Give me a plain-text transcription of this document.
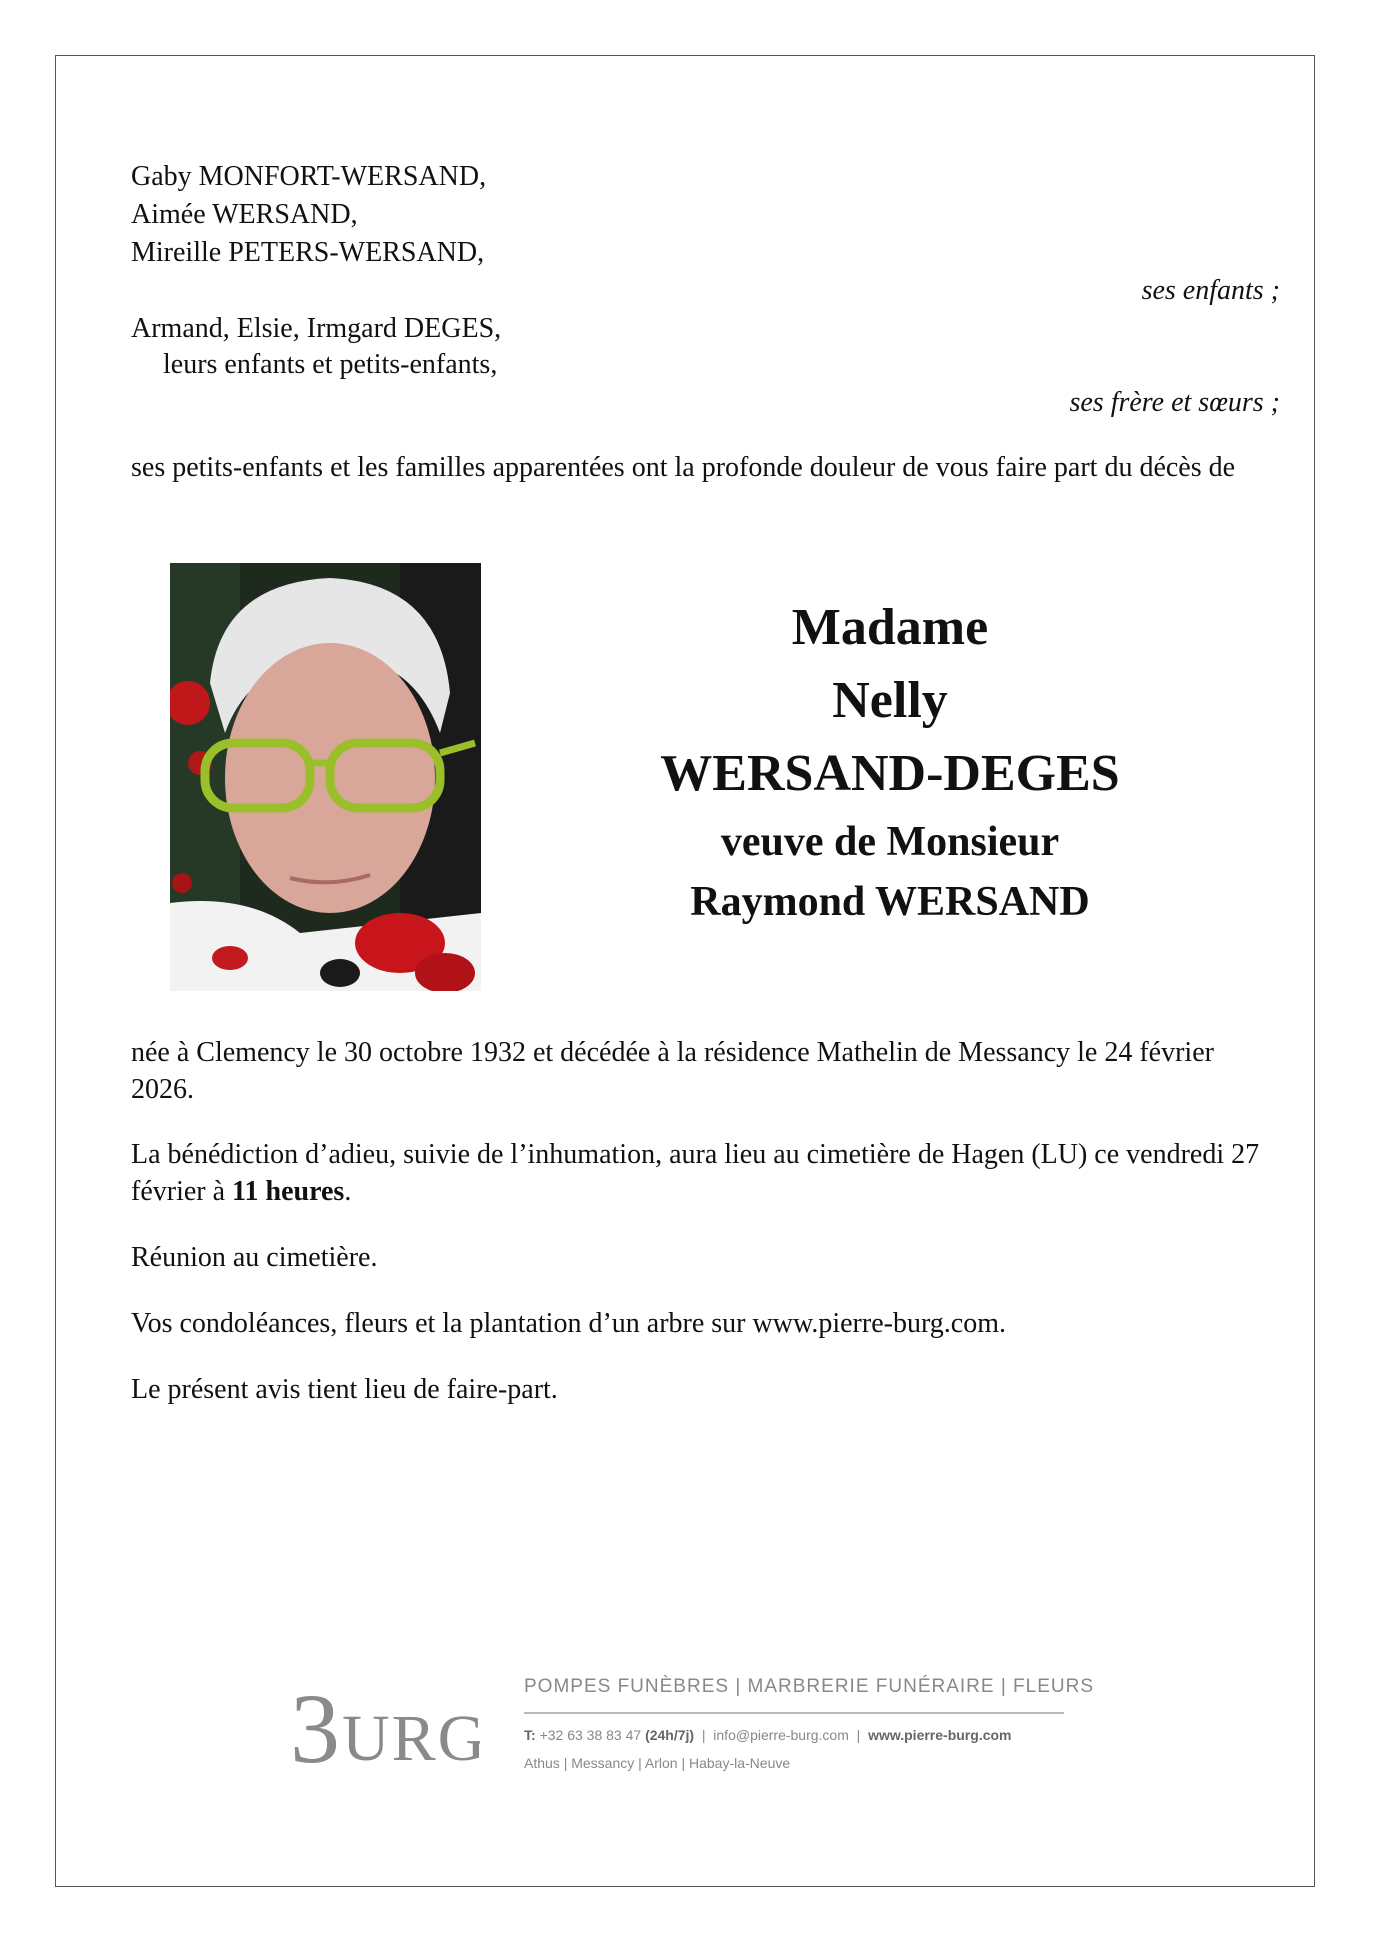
Gaby MONFORT-WERSAND,
Aimée WERSAND,
Mireille PETERS-WERSAND,
ses enfants ;
Armand, Elsie, Irmgard DEGES,
leurs enfants et petits-enfants,
ses frère et sœurs ;
ses petits-enfants et les familles apparentées ont la profonde douleur de vous faire part du décès de
Madame
Nelly
WERSAND-DEGES
veuve de Monsieur
Raymond WERSAND
née à Clemency le 30 octobre 1932 et décédée à la résidence Mathelin de Messancy le 24 février 2026.
La bénédiction d’adieu, suivie de l’inhumation, aura lieu au cimetière de Hagen (LU) ce vendredi 27 février à 11 heures.
Réunion au cimetière.
Vos condoléances, fleurs et la plantation d’un arbre sur www.pierre-burg.com.
Le présent avis tient lieu de faire-part.
3 URG
POMPES FUNÈBRES | MARBRERIE FUNÉRAIRE | FLEURS
T: +32 63 38 83 47 (24h/7j)  |  info@pierre-burg.com  |  www.pierre-burg.com
Athus | Messancy | Arlon | Habay-la-Neuve
